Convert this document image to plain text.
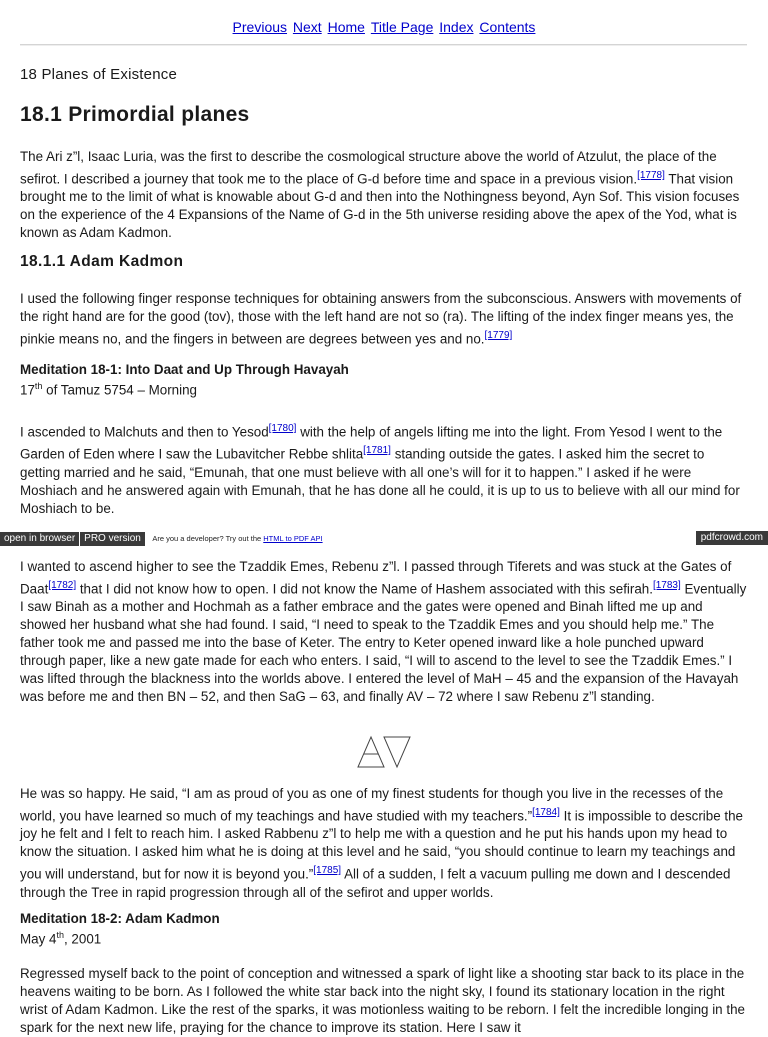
Previous Next Home Title Page Index Contents
18 Planes of Existence
18.1 Primordial planes

The Ari z”l, Isaac Luria, was the first to describe the cosmological structure above the world of Atzulut, the place of the sefirot. I described a journey that took me to the place of G-d before time and space in a previous vision.[1778] That vision brought me to the limit of what is knowable about G-d and then into the Nothingness beyond, Ayn Sof. This vision focuses on the experience of the 4 Expansions of the Name of G-d in the 5th universe residing above the apex of the Yod, what is known as Adam Kadmon.

18.1.1 Adam Kadmon

I used the following finger response techniques for obtaining answers from the subconscious. Answers with movements of the right hand are for the good (tov), those with the left hand are not so (ra). The lifting of the index finger means yes, the pinkie means no, and the fingers in between are degrees between yes and no.[1779]

Meditation 18-1: Into Daat and Up Through Havayah

17th of Tamuz 5754 – Morning

I ascended to Malchuts and then to Yesod[1780] with the help of angels lifting me into the light. From Yesod I went to the Garden of Eden where I saw the Lubavitcher Rebbe shlita[1781] standing outside the gates. I asked him the secret to getting married and he said, “Emunah, that one must believe with all one’s will for it to happen.” I asked if he were Moshiach and he answered again with Emunah, that he has done all he could, it is up to us to believe with all our mind for Moshiach to be.

open in browser PRO version Are you a developer? Try out the HTML to PDF API	pdfcrowd.com

I wanted to ascend higher to see the Tzaddik Emes, Rebenu z”l. I passed through Tiferets and was stuck at the Gates of Daat[1782] that I did not know how to open. I did not know the Name of Hashem associated with this sefirah.[1783] Eventually I saw Binah as a mother and Hochmah as a father embrace and the gates were opened and Binah lifted me up and showed her husband what she had found. I said, “I need to speak to the Tzaddik Emes and you should help me.” The father took me and passed me into the base of Keter. The entry to Keter opened inward like a hole punched upward through paper, like a new gate made for each who enters. I said, “I will to ascend to the level to see the Tzaddik Emes.” I was lifted through the blackness into the worlds above. I entered the level of MaH – 45 and the expansion of the Havayah was before me and then BN – 52, and then SaG – 63, and finally AV – 72 where I saw Rebenu z”l standing.

He was so happy. He said, “I am as proud of you as one of my finest students for though you live in the recesses of the world, you have learned so much of my teachings and have studied with my teachers.”[1784] It is impossible to describe the joy he felt and I felt to reach him. I asked Rabbenu z”l to help me with a question and he put his hands upon my head to know the situation. I asked him what he is doing at this level and he said, “you should continue to learn my teachings and you will understand, but for now it is beyond you.”[1785] All of a sudden, I felt a vacuum pulling me down and I descended through the Tree in rapid progression through all of the sefirot and upper worlds.

Meditation 18-2: Adam Kadmon

May 4th, 2001

Regressed myself back to the point of conception and witnessed a spark of light like a shooting star back to its place in the heavens waiting to be born. As I followed the white star back into the night sky, I found its stationary location in the right wrist of Adam Kadmon. Like the rest of the sparks, it was motionless waiting to be reborn. I felt the incredible longing in the spark for the next new life, praying for the chance to improve its station. Here I saw it
